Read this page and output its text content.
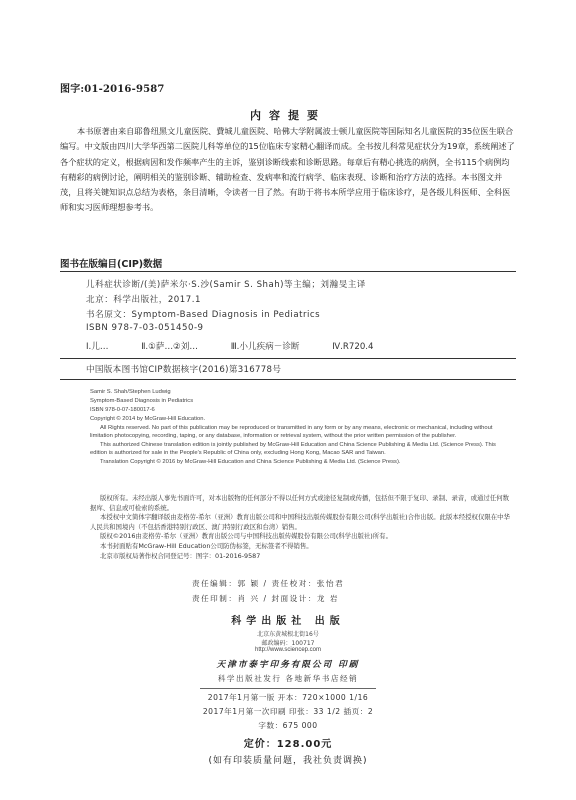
图字:01-2016-9587
内容提要

本书原著由来自耶鲁纽黑文儿童医院、費城儿童医院、哈佛大学附属波士顿儿童医院等国际知名儿童医院的35位医生联合编写。中文版由四川大学华西第二医院儿科等单位的15位临床专家精心翻译而成。全书按儿科常见症状分为19章，系统阐述了各个症状的定义，根据病因和发作频率产生的主诉，鉴别诊断线索和诊断思路。每章后有精心挑选的病例，全书115个病例均有精彩的病例讨论，阐明相关的鉴别诊断、辅助检查、发病率和流行病学、临床表现、诊断和治疗方法的选择。本书图文并茂，且将关键知识点总结为表格，条目清晰，令读者一目了然。有助于将书本所学应用于临床诊疗，是各级儿科医师、全科医师和实习医师理想参考书。

图书在版编目(CIP)数据
儿科症状诊断/(美)萨米尔·S.沙(Samir S. Shah)等主编；刘瀚旻主译
北京：科学出版社，2017.1
书名原文：Symptom-Based Diagnosis in Pediatrics
ISBN 978-7-03-051450-9
Ⅰ.儿…	Ⅱ.①萨…②刘…	Ⅲ.小儿疾病－诊断	Ⅳ.R720.4
中国版本图书馆CIP数据核字(2016)第316778号

Samir S. Shah/Stephen Ludwig

Symptom-Based Diagnosis in Pediatrics

ISBN 978-0-07-180017-6

Copyright © 2014 by McGraw-Hill Education.

All Rights reserved. No part of this publication may be reproduced or transmitted in any form or by any means, electronic or mechanical, including without limitation photocopying, recording, taping, or any database, information or retrieval system, without the prior written permission of the publisher.

This authorized Chinese translation edition is jointly published by McGraw-Hill Education and China Science Publishing & Media Ltd. (Science Press). This edition is authorized for sale in the People's Republic of China only, excluding Hong Kong, Macao SAR and Taiwan.

Translation Copyright © 2016 by McGraw-Hill Education and China Science Publishing & Media Ltd. (Science Press).

版权所有。未经出版人事先书面许可，对本出版物的任何部分不得以任何方式或途径复制或传播，包括但不限于复印、录制、录音，或通过任何数据库、信息或可检索的系统。

本授权中文简体字翻译版由麦格劳-希尔（亚洲）教育出版公司和中国科技出版传媒股份有限公司(科学出版社)合作出版。此版本经授权仅限在中华人民共和国境内（不包括香港特别行政区、澳门特别行政区和台湾）销售。

版权©2016由麦格劳-希尔（亚洲）教育出版公司与中国科技出版传媒股份有限公司(科学出版社)所有。

本书封面贴有McGraw-Hill Education公司防伪标签，无标签者不得销售。

北京市版权局著作权合同登记号：图字：01-2016-9587

责任编辑：郭 颖 / 责任校对：张怡君
责任印制：肖 兴 / 封面设计：龙 岩
科学出版社 出版
北京东黄城根北街16号
邮政编码：100717
http://www.sciencep.com
天津市泰宇印务有限公司 印刷
科学出版社发行 各地新华书店经销
2017年1月第一版 开本：720×1000 1/16
2017年1月第一次印刷 印张：33 1/2 插页：2
字数：675 000
定价：128.00元
(如有印装质量问题，我社负责调换)
